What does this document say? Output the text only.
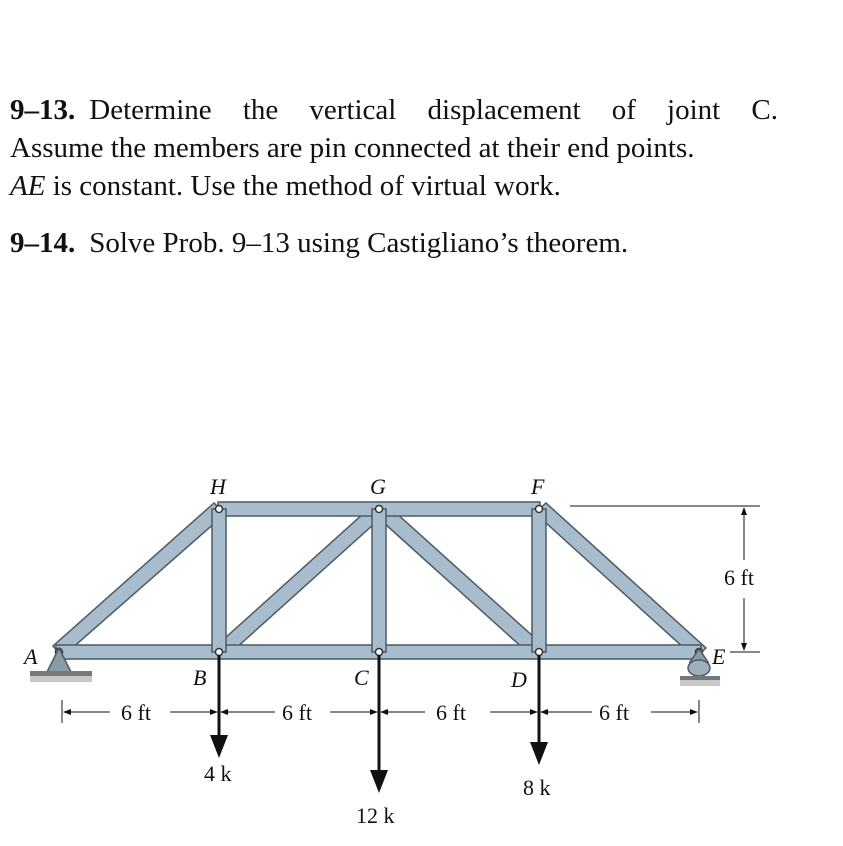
9–13. Determine the vertical displacement of joint C.
Assume the members are pin connected at their end points.
AE is constant. Use the method of virtual work.
9–14. Solve Prob. 9–13 using Castigliano’s theorem.
A
B	C	D
E
F
G
H
6 ft
6 ft	6 ft	6 ft	6 ft
4 k
12 k
8 k
